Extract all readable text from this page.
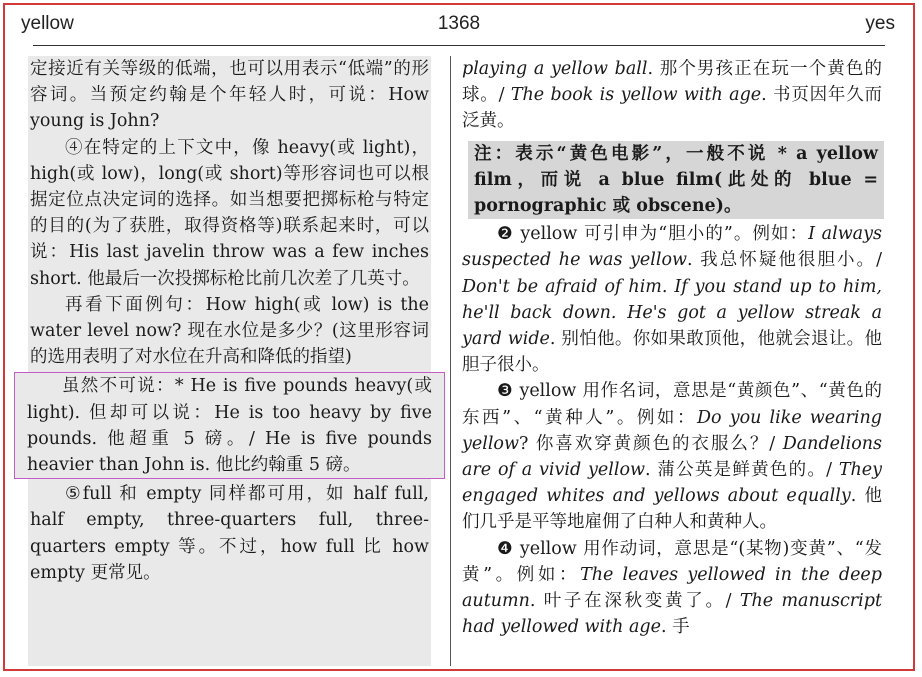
yellow	1368	yes

定接近有关等级的低端，也可以用表示“低端”的形容词。当预定约翰是个年轻人时，可说：How young is John?

④在特定的上下文中，像 heavy(或 light)，high(或 low)，long(或 short)等形容词也可以根据定位点决定词的选择。如当想要把掷标枪与特定的目的(为了获胜，取得资格等)联系起来时，可以说：His last javelin throw was a few inches short. 他最后一次投掷标枪比前几次差了几英寸。

再看下面例句：How high(或 low) is the water level now? 现在水位是多少？(这里形容词的选用表明了对水位在升高和降低的指望)

虽然不可说：* He is five pounds heavy(或 light). 但却可以说：He is too heavy by five pounds. 他超重 5 磅。/ He is five pounds heavier than John is. 他比约翰重 5 磅。

⑤full 和 empty 同样都可用，如 half full, half empty, three-quarters full, three-quarters empty 等。不过，how full 比 how empty 更常见。

playing a yellow ball. 那个男孩正在玩一个黄色的球。/ The book is yellow with age. 书页因年久而泛黄。

注：表示“黄色电影”，一般不说 * a yellow film，而说 a blue film(此处的 blue = pornographic 或 obscene)。

❷ yellow 可引申为“胆小的”。例如：I always suspected he was yellow. 我总怀疑他很胆小。/ Don't be afraid of him. If you stand up to him, he'll back down. He's got a yellow streak a yard wide. 别怕他。你如果敢顶他，他就会退让。他胆子很小。

❸ yellow 用作名词，意思是“黄颜色”、“黄色的东西”、“黄种人”。例如：Do you like wearing yellow? 你喜欢穿黄颜色的衣服么？/ Dandelions are of a vivid yellow. 蒲公英是鲜黄色的。/ They engaged whites and yellows about equally. 他们几乎是平等地雇佣了白种人和黄种人。

❹ yellow 用作动词，意思是“(某物)变黄”、“发黄”。例如：The leaves yellowed in the deep autumn. 叶子在深秋变黄了。/ The manuscript had yellowed with age. 手
